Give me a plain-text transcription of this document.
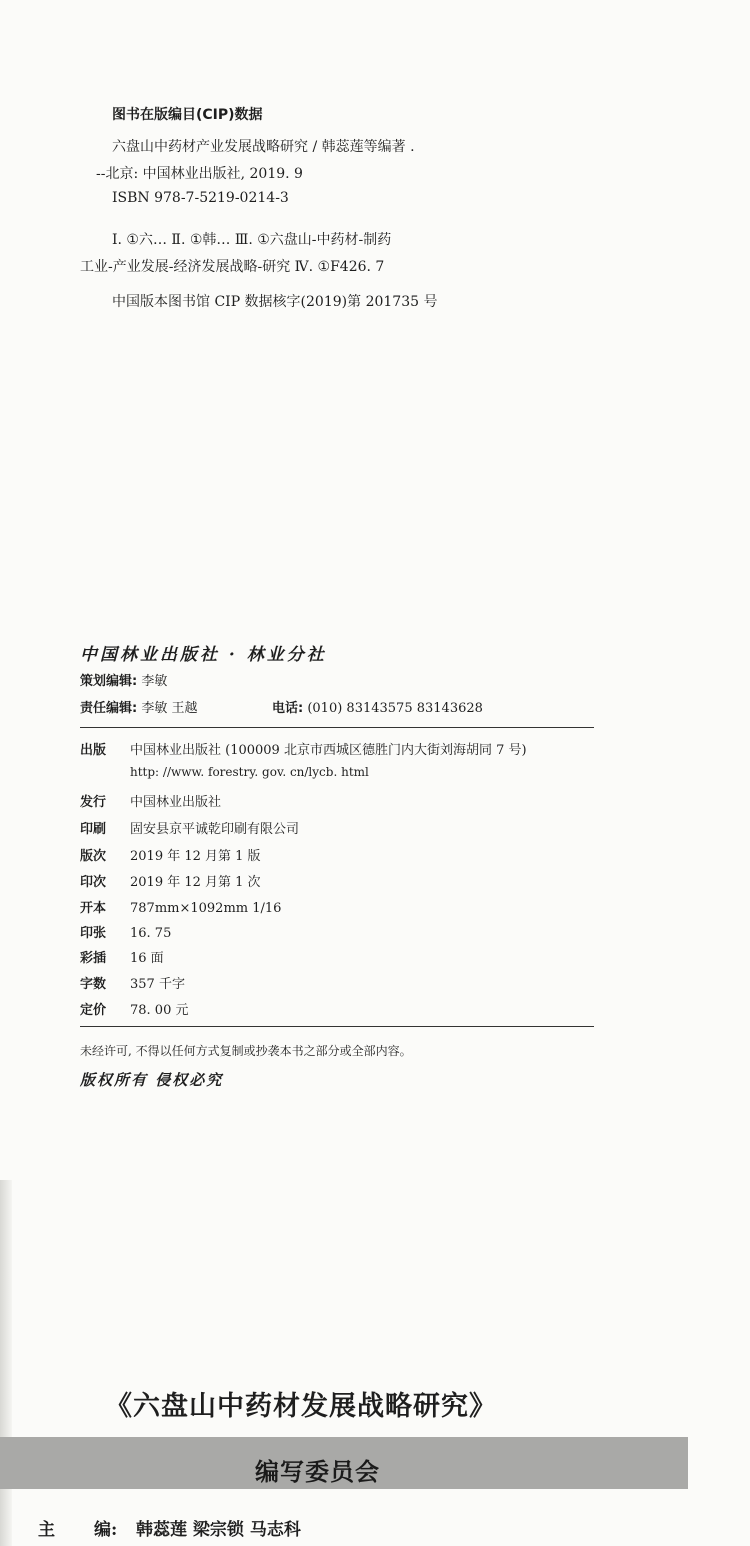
图书在版编目(CIP)数据
六盘山中药材产业发展战略研究 / 韩蕊莲等编著 .
--北京: 中国林业出版社, 2019. 9
ISBN 978-7-5219-0214-3
Ⅰ. ①六… Ⅱ. ①韩… Ⅲ. ①六盘山-中药材-制药
工业-产业发展-经济发展战略-研究 Ⅳ. ①F426. 7
中国版本图书馆 CIP 数据核字(2019)第 201735 号
中国林业出版社 · 林业分社
策划编辑: 李敏
责任编辑: 李敏 王越	电话: (010) 83143575 83143628
出版 中国林业出版社 (100009 北京市西城区德胜门内大街刘海胡同 7 号)
http: //www. forestry. gov. cn/lycb. html
发行 中国林业出版社
印刷 固安县京平诚乾印刷有限公司
版次 2019 年 12 月第 1 版
印次 2019 年 12 月第 1 次
开本 787mm×1092mm 1/16
印张 16. 75
彩插 16 面
字数 357 千字
定价 78. 00 元
未经许可, 不得以任何方式复制或抄袭本书之部分或全部内容。
版权所有 侵权必究
《六盘山中药材发展战略研究》
编写委员会
主 编: 韩蕊莲 梁宗锁 马志科
